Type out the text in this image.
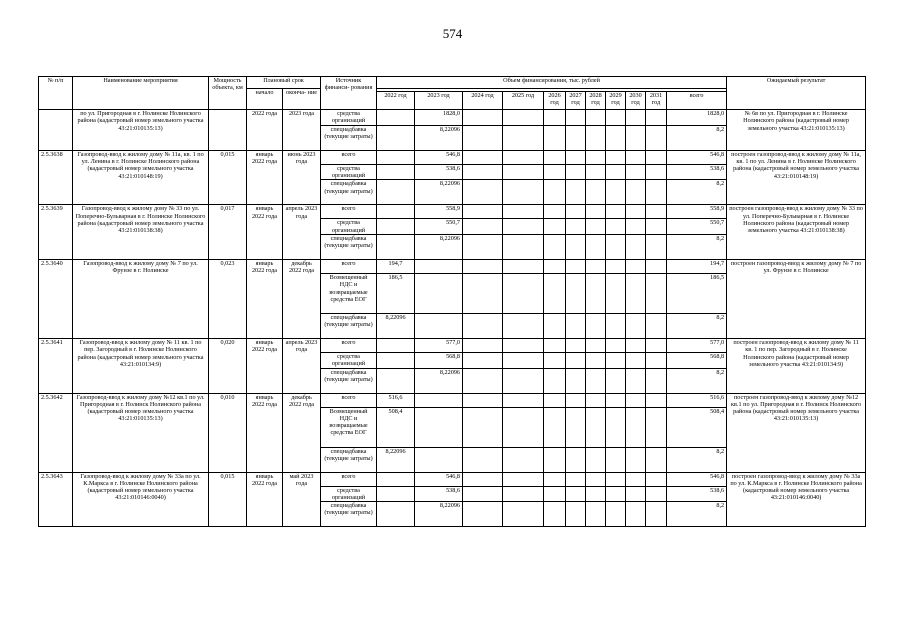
574
№ п/п	Наименование мероприятия	Мощность объекта, км	Плановый срок		Источник финанси- рования	Объем финансирования, тыс. рублей											Ожидаемый результат
			начало	оконча- ние													
						2022 год	2023 год	2024 год	2025 год	2026 год	2027 год	2028 год	2029 год	2030 год	2031 год	всего	
	по ул. Пригородная в г. Нолинске Нолинского района (кадастровый номер земельного участка 43:21:010135:13)		2022 года	2023 года	средства организаций		1828,0									1828,0	№ 6в по ул. Пригородная в г. Нолинске Нолинского района (кадастровый номер земельного участка 43:21:010135:13)
					спецнадбавка (текущие затраты)		8,22096									8,2	
2.5.3638	Газопровод-ввод к жилому дому № 11а, кв. 1 по ул. Ленина в г. Нолинске Нолинского района (кадастровый номер земельного участка 43:21:010148:19)	0,015	январь 2022 года	июнь 2023 года	всего		546,8									546,8	построен газопровод-ввод к жилому дому № 11а, кв. 1 по ул. Ленина в г. Нолинске Нолинского района (кадастровый номер земельного участка 43:21:010148:19)
					средства организаций		538,6									538,6	
					спецнадбавка (текущие затраты)		8,22096									8,2	
2.5.3639	Газопровод-ввод к жилому дому № 33 по ул. Поперечно-Бульварная в г. Нолинске Нолинского района (кадастровый номер земельного участка 43:21:010138:38)	0,017	январь 2022 года	апрель 2023 года	всего		558,9									558,9	построен газопровод-ввод к жилому дому № 33 по ул. Поперечно-Бульварная в г. Нолинске Нолинского района (кадастровый номер земельного участка 43:21:010138:38)
					средства организаций		550,7									550,7	
					спецнадбавка (текущие затраты)		8,22096									8,2	
2.5.3640	Газопровод-ввод к жилому дому № 7 по ул. Фрунзе в г. Нолинске	0,023	январь 2022 года	декабрь 2022 года	всего	194,7										194,7	построен газопровод-ввод к жилому дому № 7 по ул. Фрунзе в г. Нолинске
					Возмещенный НДС и возвращаемые средства ЕОГ	186,5										186,5	
					спецнадбавка (текущие затраты)	8,22096										8,2	
2.5.3641	Газопровод-ввод к жилому дому № 11 кв. 1 по пер. Загородный в г. Нолинске Нолинского района (кадастровый номер земельного участка 43:21:010134:9)	0,020	январь 2022 года	апрель 2023 года	всего		577,0									577,0	построен газопровод-ввод к жилому дому № 11 кв. 1 по пер. Загородный в г. Нолинске Нолинского района (кадастровый номер земельного участка 43:21:010134:9)
					средства организаций		568,8									568,8	
					спецнадбавка (текущие затраты)		8,22096									8,2	
2.5.3642	Газопровод-ввод к жилому дому №12 кв.1 по ул. Пригородная в г. Нолинск Нолинского района (кадастровый номер земельного участка 43:21:010135:13)	0,010	январь 2022 года	декабрь 2022 года	всего	516,6										516,6	построен газопровод-ввод к жилому дому №12 кв.1 по ул. Пригородная в г. Нолинск Нолинского района (кадастровый номер земельного участка 43:21:010135:13)
					Возмещенный НДС и возвращаемые средства ЕОГ	508,4										508,4	
					спецнадбавка (текущие затраты)	8,22096										8,2	
2.5.3643	Газопровод-ввод к жилому дому № 33а по ул. К.Маркса в г. Нолинске Нолинского района (кадастровый номер земельного участка 43:21:010146:0040)	0,015	январь 2022 года	май 2023 года	всего		546,8									546,8	построен газопровод-ввод к жилому дому № 33а по ул. К.Маркса в г. Нолинске Нолинского района (кадастровый номер земельного участка 43:21:010146:0040)
					средства организаций		538,6									538,6	
					спецнадбавка (текущие затраты)		8,22096									8,2	
